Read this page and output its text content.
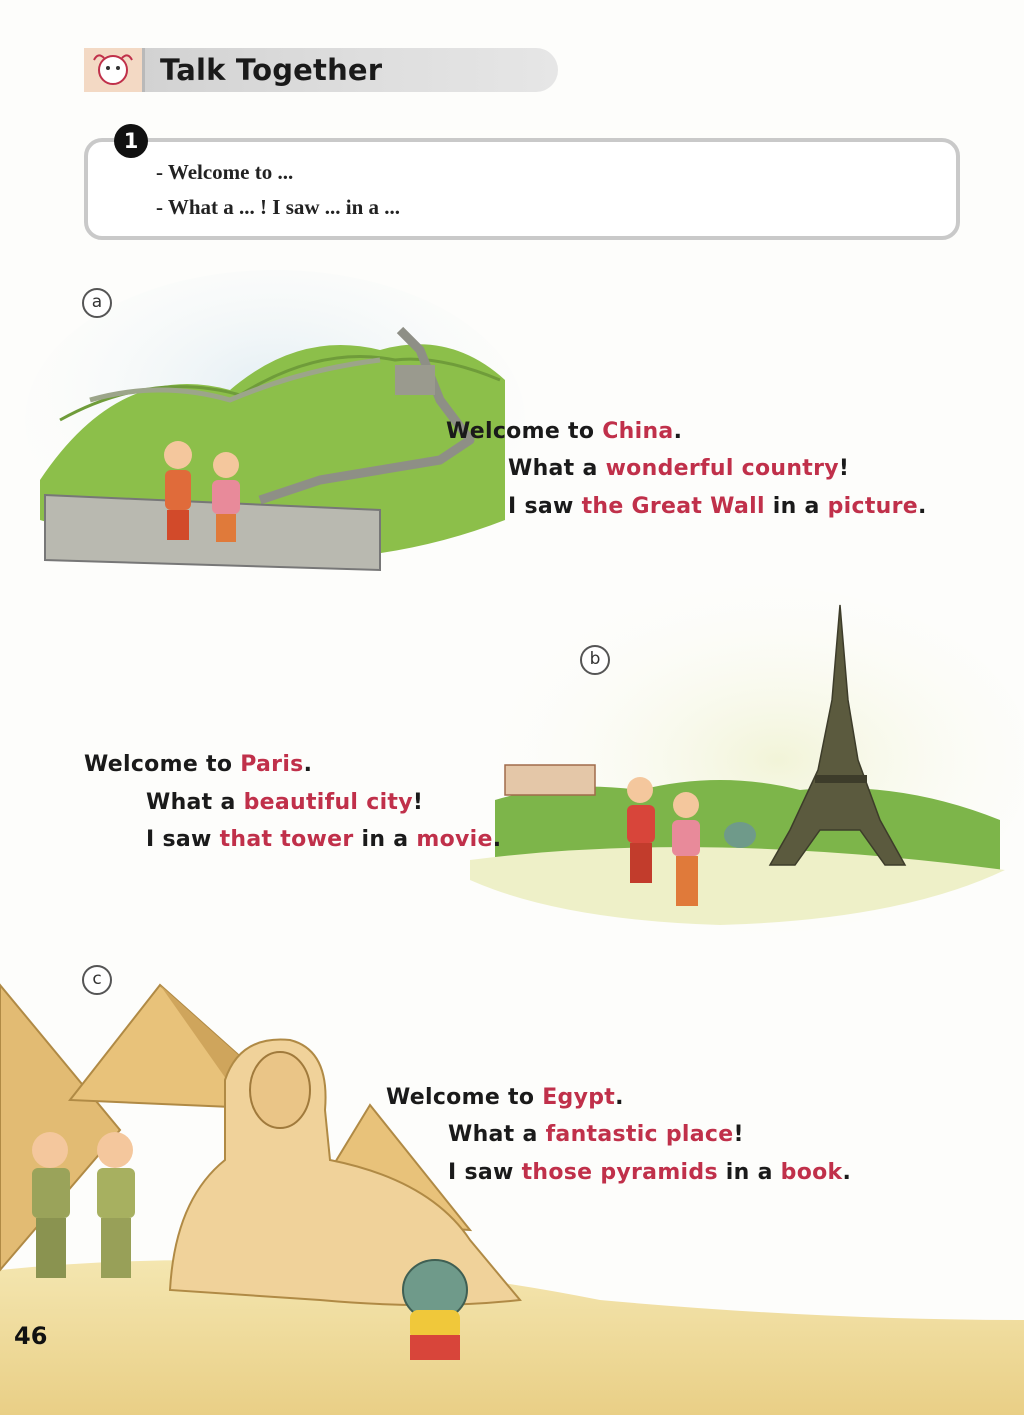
Talk Together
1
- Welcome to ...
- What a ... ! I saw ... in a ...
a
b
c
Welcome to China.
What a wonderful country!
I saw the Great Wall in a picture.
Welcome to Paris.
What a beautiful city!
I saw that tower in a movie.
Welcome to Egypt.
What a fantastic place!
I saw those pyramids in a book.
46
